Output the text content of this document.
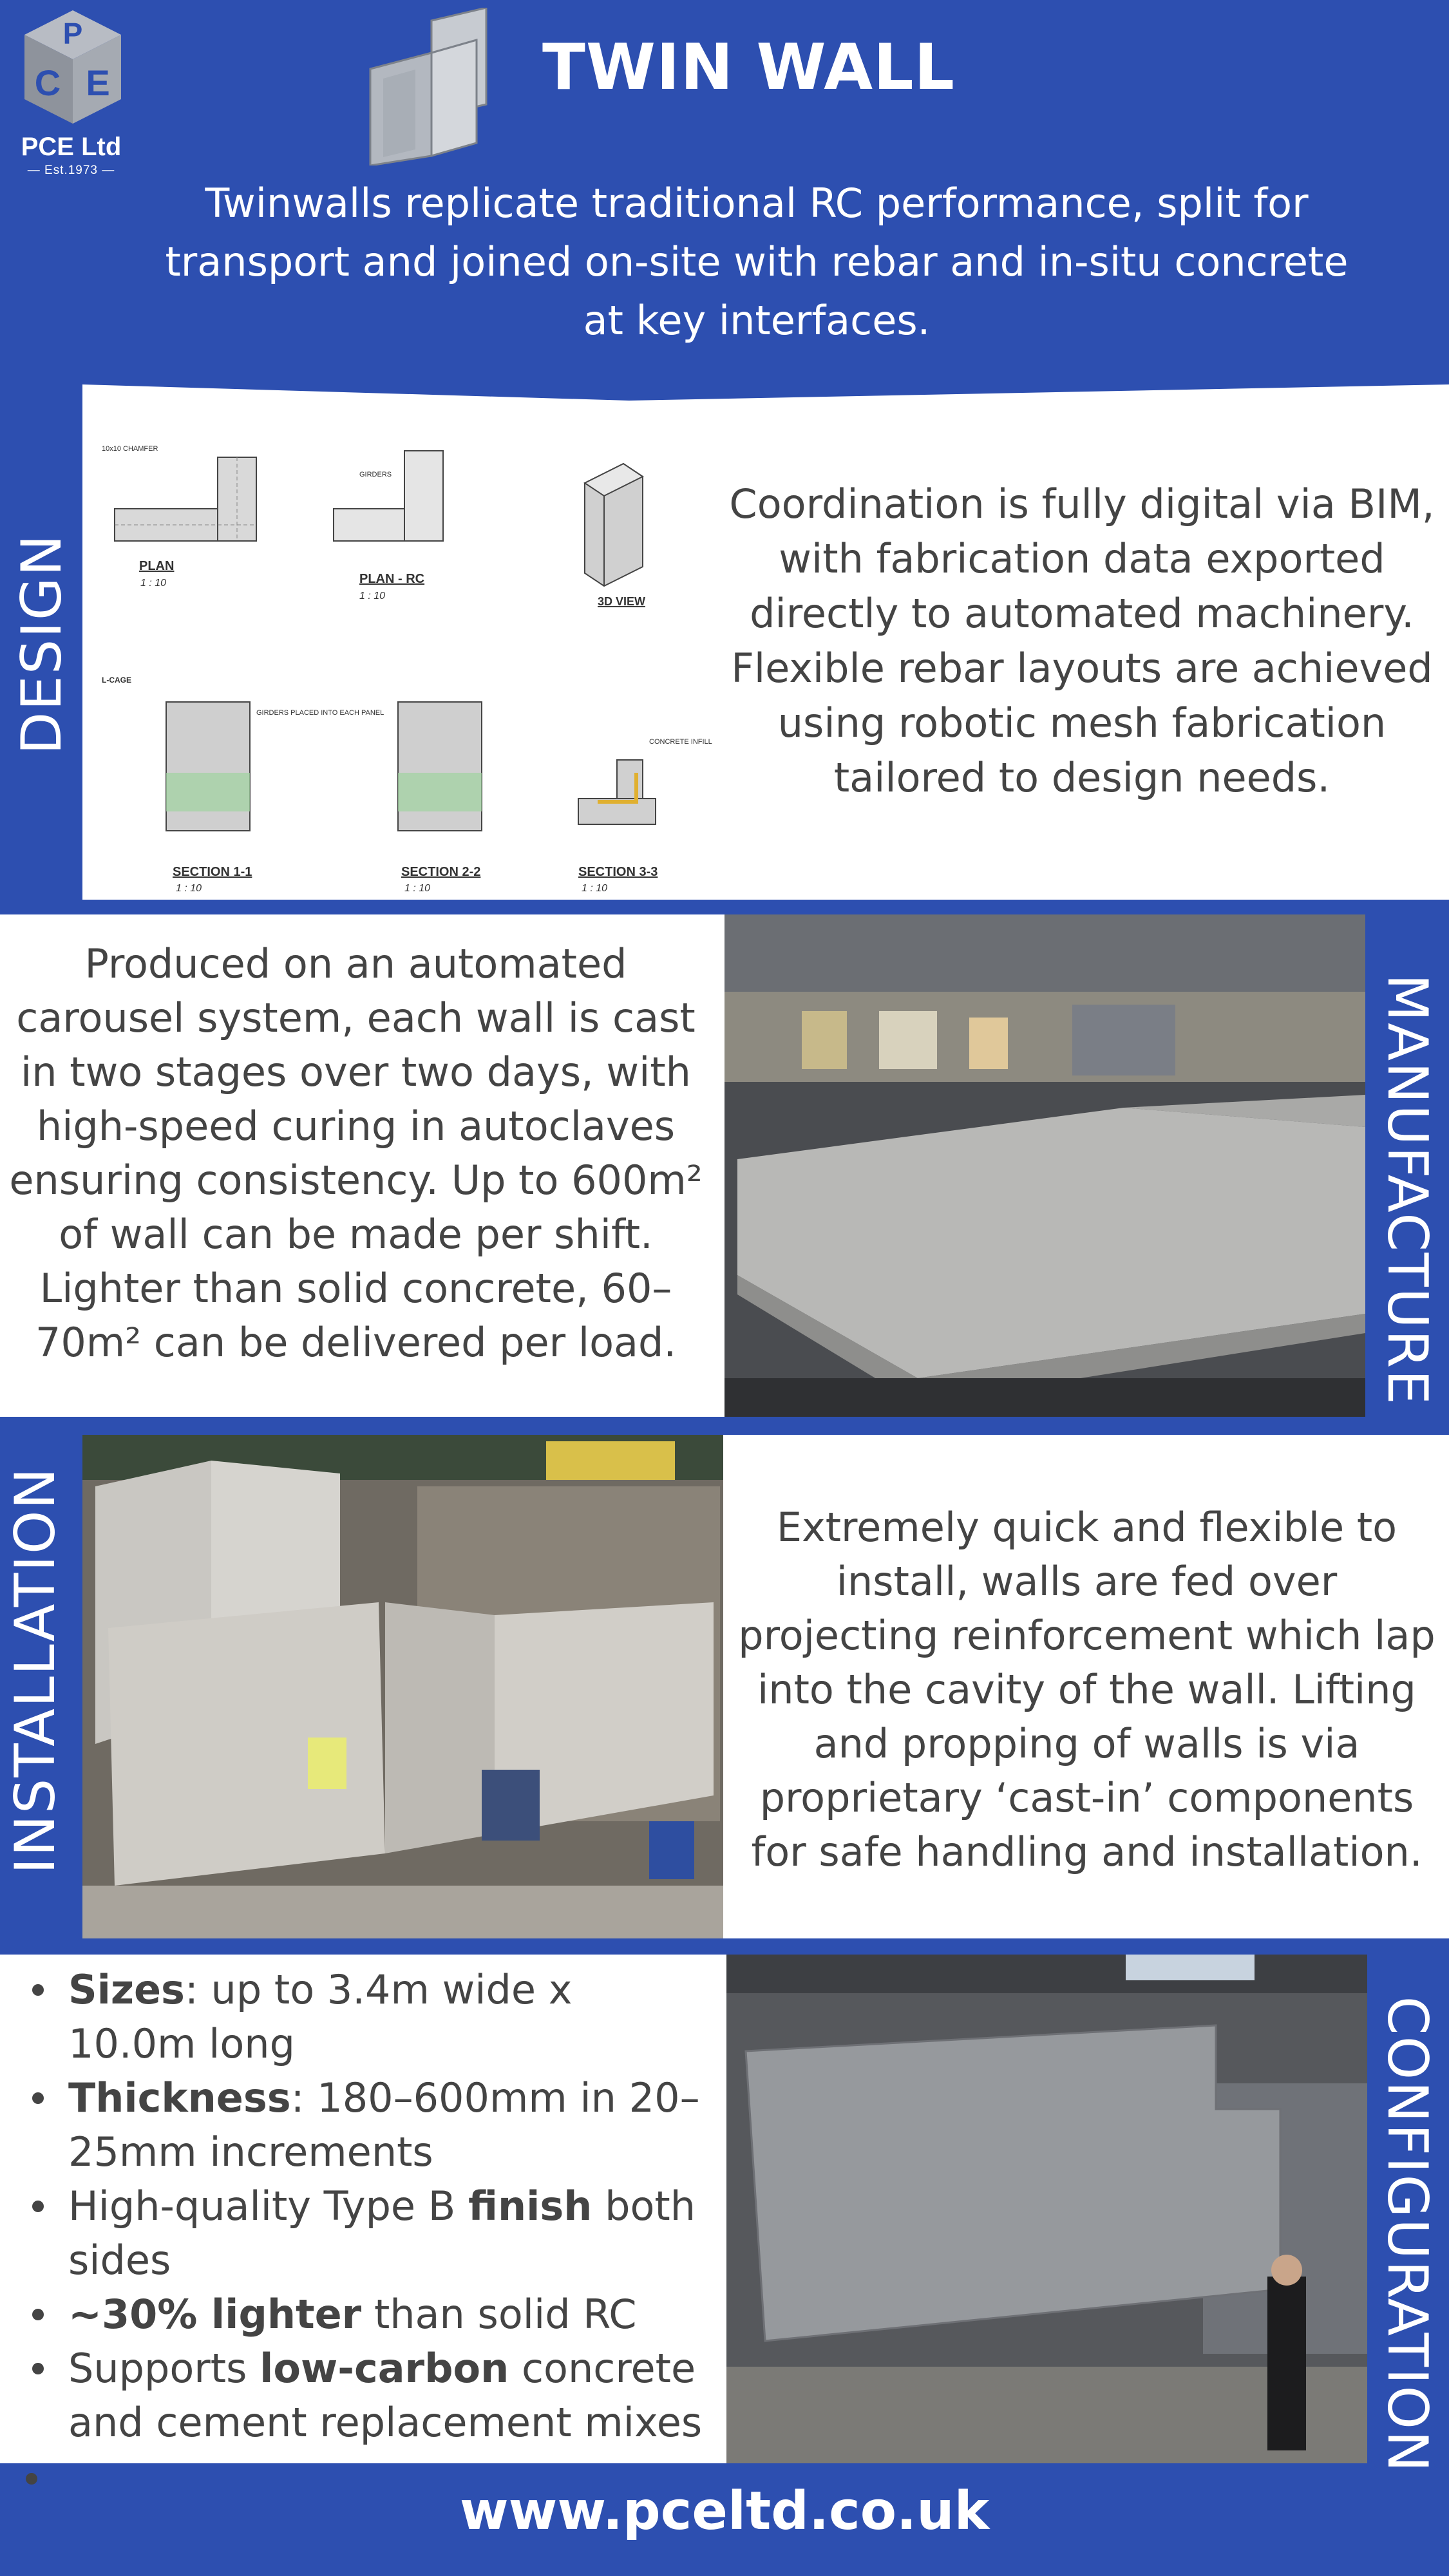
P
C E
PCE Ltd
— Est.1973 —
TWIN WALL
Twinwalls replicate traditional RC performance, split for transport and joined on-site with rebar and in-situ concrete at key interfaces.
PLAN
1 : 10
10x10 CHAMFER
GIRDERS
PLAN - RC
1 : 10	3D VIEW
L-CAGE
GIRDERS PLACED INTO EACH PANEL
SECTION 1-1
1 : 10
SECTION 2-2
1 : 10
CONCRETE INFILL
SECTION 3-3
1 : 10
Coordination is fully digital via BIM, with fabrication data exported directly to automated machinery. Flexible rebar layouts are achieved using robotic mesh fabrication tailored to design needs.
DESIGN
Produced on an automated carousel system, each wall is cast in two stages over two days, with high-speed curing in autoclaves ensuring consistency. Up to 600m² of wall can be made per shift. Lighter than solid concrete, 60–70m² can be delivered per load.	MANUFACTURE
Extremely quick and flexible to install, walls are fed over projecting reinforcement which lap into the cavity of the wall. Lifting and propping of walls is via proprietary ‘cast-in’ components for safe handling and installation.
INSTALLATION
Sizes: up to 3.4m wide x 10.0m long
Thickness: 180–600mm in 20–25mm increments
High-quality Type B finish both sides
~30% lighter than solid RC
Supports low-carbon concrete and cement replacement mixes	CONFIGURATION
www.pceltd.co.uk
